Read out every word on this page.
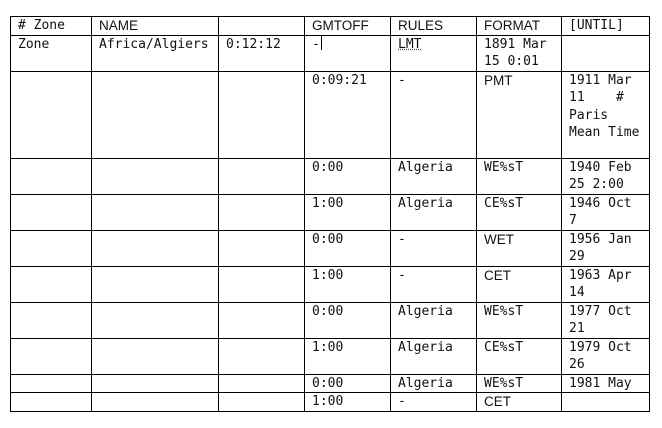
# Zone	NAME		GMTOFF	RULES	FORMAT	[UNTIL]
Zone	Africa/Algiers	0:12:12	-	LMT	1891 Mar 15 0:01	
			0:09:21	-	PMT	1911 Mar 11    # Paris Mean Time
			0:00	Algeria	WE%sT	1940 Feb 25 2:00
			1:00	Algeria	CE%sT	1946 Oct 7
			0:00	-	WET	1956 Jan 29
			1:00	-	CET	1963 Apr 14
			0:00	Algeria	WE%sT	1977 Oct 21
			1:00	Algeria	CE%sT	1979 Oct 26
			0:00	Algeria	WE%sT	1981 May
			1:00	-	CET	
